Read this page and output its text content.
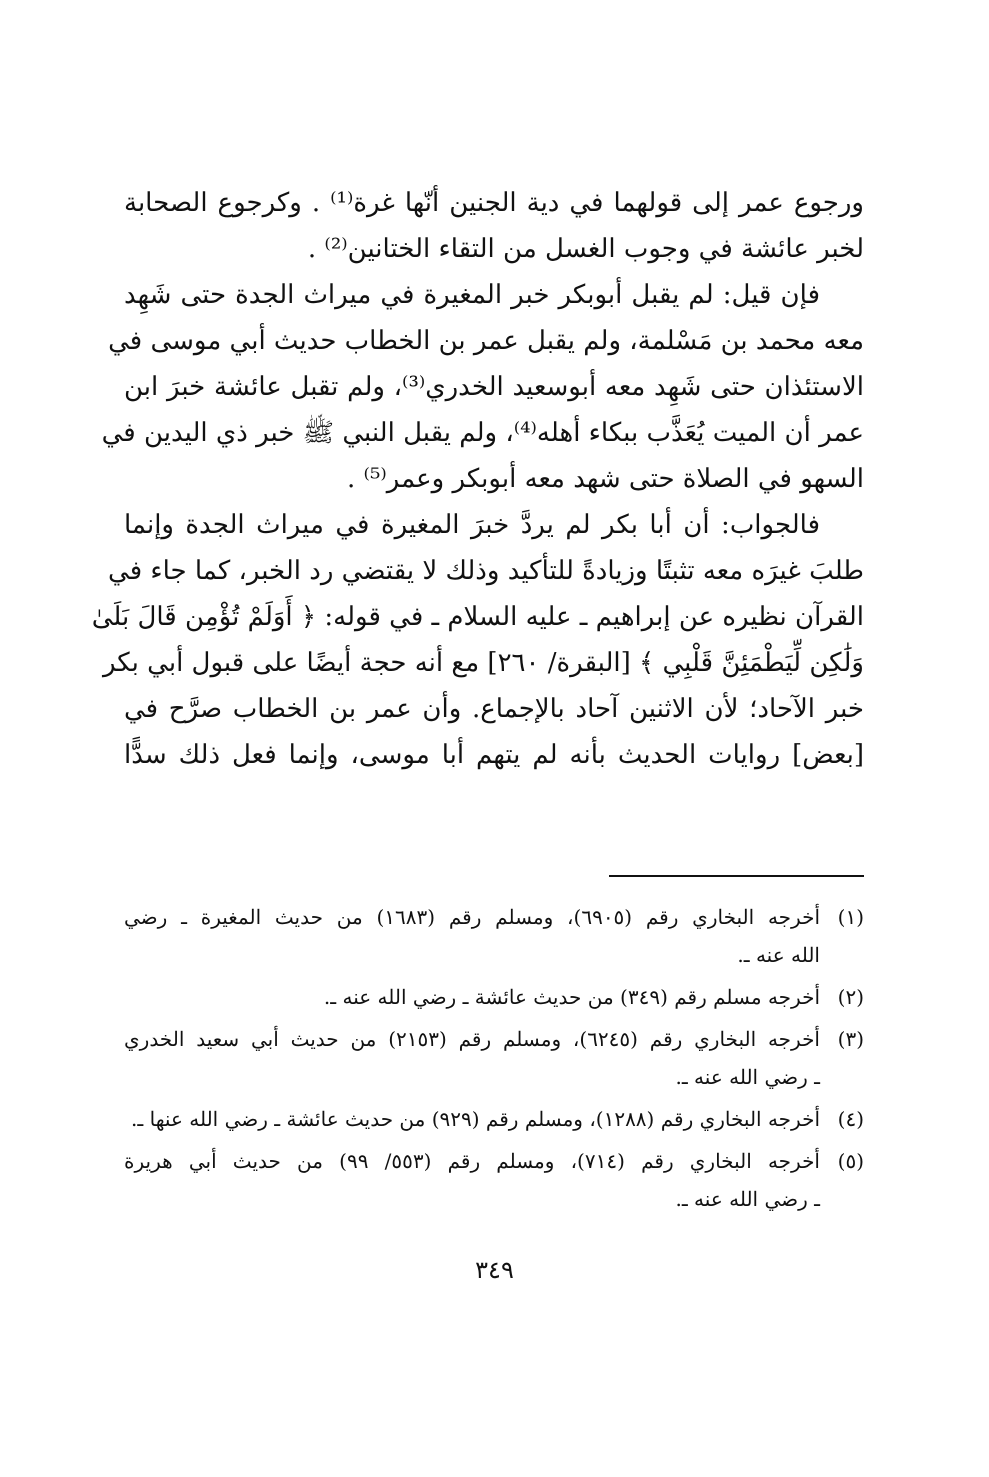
ورجوع عمر إلى قولهما في دية الجنين أنّها غرة⁽¹⁾ . وكرجوع الصحابة
لخبر عائشة في وجوب الغسل من التقاء الختانين⁽²⁾ .
فإن قيل: لم يقبل أبوبكر خبر المغيرة في ميراث الجدة حتى شَهِد
معه محمد بن مَسْلمة، ولم يقبل عمر بن الخطاب حديث أبي موسى في
الاستئذان حتى شَهِد معه أبوسعيد الخدري⁽³⁾، ولم تقبل عائشة خبرَ ابن
عمر أن الميت يُعَذَّب ببكاء أهله⁽⁴⁾، ولم يقبل النبي ﷺ خبر ذي اليدين في
السهو في الصلاة حتى شهد معه أبوبكر وعمر⁽⁵⁾ .
فالجواب: أن أبا بكر لم يردَّ خبرَ المغيرة في ميراث الجدة وإنما
طلبَ غيرَه معه تثبتًا وزيادةً للتأكيد وذلك لا يقتضي رد الخبر، كما جاء في
القرآن نظيره عن إبراهيم ـ عليه السلام ـ في قوله: ﴿ أَوَلَمْ تُؤْمِن قَالَ بَلَىٰ
وَلَٰكِن لِّيَطْمَئِنَّ قَلْبِي ﴾ [البقرة/ ٢٦٠] مع أنه حجة أيضًا على قبول أبي بكر
خبر الآحاد؛ لأن الاثنين آحاد بالإجماع. وأن عمر بن الخطاب صرَّح في
[بعض] روايات الحديث بأنه لم يتهم أبا موسى، وإنما فعل ذلك سدًّا
(١)
أخرجه البخاري رقم (٦٩٠٥)، ومسلم رقم (١٦٨٣) من حديث المغيرة ـ رضي
الله عنه ـ.
(٢)
أخرجه مسلم رقم (٣٤٩) من حديث عائشة ـ رضي الله عنه ـ.
(٣)
أخرجه البخاري رقم (٦٢٤٥)، ومسلم رقم (٢١٥٣) من حديث أبي سعيد الخدري
ـ رضي الله عنه ـ.
(٤)
أخرجه البخاري رقم (١٢٨٨)، ومسلم رقم (٩٢٩) من حديث عائشة ـ رضي الله عنها ـ.
(٥)
أخرجه البخاري رقم (٧١٤)، ومسلم رقم (٥٥٣/ ٩٩) من حديث أبي هريرة
ـ رضي الله عنه ـ.
٣٤٩
